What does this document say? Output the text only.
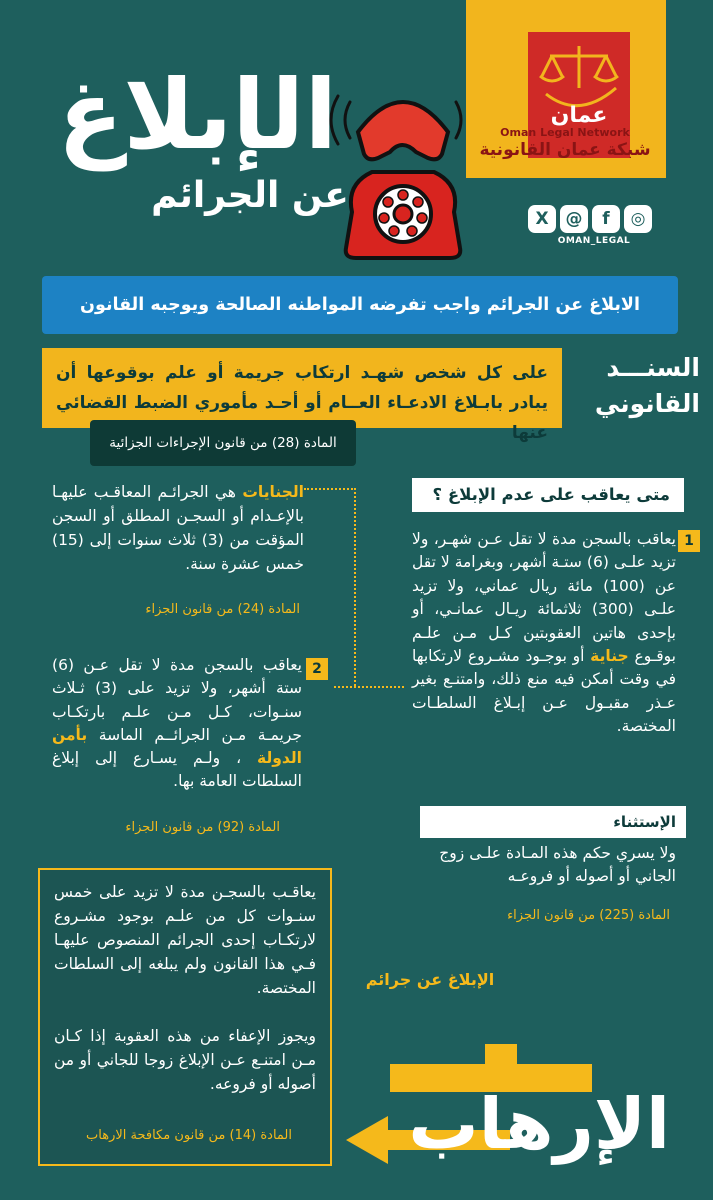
الإبلاغ
عن الجرائم
عمان
Oman Legal Network
شبكة عمان القانونية
X @	f	◎
OMAN_LEGAL
الابلاغ عن الجرائم واجب تفرضه المواطنه الصالحة ويوجبه القانون
على كل شخص شهـد ارتكاب جريمة أو علم بوقوعها أن يبادر بابـلاغ الادعـاء العــام أو أحـد مأموري الضبط القضائي عنها
السنـــد
القانوني
المادة (28) من قانون الإجراءات الجزائية
الجنايات هي الجرائـم المعاقـب عليهـا بالإعـدام أو السجـن المطلق أو السجن المؤقت من (3) ثلاث سنوات إلى (15) خمس عشرة سنة.
المادة (24) من قانون الجزاء
2
يعاقب بالسجن مدة لا تقل عـن (6) ستة أشهر، ولا تزيد على (3) ثـلاث سنـوات، كـل مـن علـم بارتكـاب جريمـة مـن الجرائــم الماسة بأمن الدولة ، ولـم يسـارع إلى إبلاغ السلطات العامة بها.
المادة (92) من قانون الجزاء
متى يعاقب على عدم الإبلاغ ؟
1
يعاقب بالسجن مدة لا تقل عـن شهـر، ولا تزيد علـى (6) ستـة أشهر، وبغرامة لا تقل عن (100) مائة ريال عماني، ولا تزيد علـى (300) ثلاثمائة ريـال عمانـي، أو بإحدى هاتين العقوبتين كـل مـن علـم بوقـوع جناية أو بوجـود مشـروع لارتكابها في وقت أمكن فيه منع ذلك، وامتنـع بغير عـذر مقبـول عـن إبـلاغ السلطـات المختصة.
الإستثناء
ولا يسري حكم هذه المـادة علـى زوج الجاني أو أصوله أو فروعـه
المادة (225) من قانون الجزاء

يعاقـب بالسجـن مدة لا تزيد على خمس سنـوات كل من علـم بوجود مشـروع لارتكـاب إحدى الجرائم المنصوص عليهـا فـي هذا القانون ولم يبلغه إلى السلطات المختصة.

ويجوز الإعفاء من هذه العقوبة إذا كـان مـن امتنـع عـن الإبلاغ زوجا للجاني أو من أصوله أو فروعه.

المادة (14) من قانون مكافحة الارهاب
الإبلاغ عن جرائم
الإرهاب
